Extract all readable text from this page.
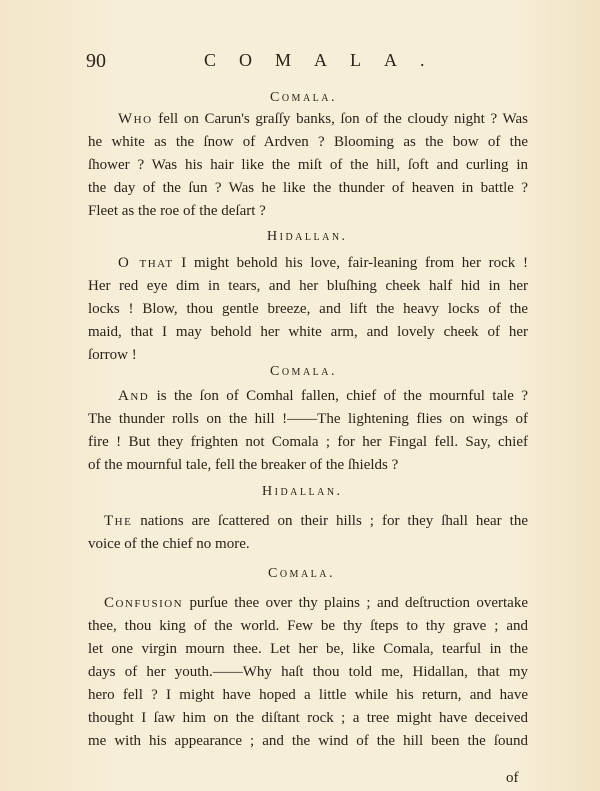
90	COMALA.
Comala.
Who fell on Carun's graſſy banks, ſon of the cloudy night ? Was
he white as the ſnow of Ardven ? Blooming as the bow of the
ſhower ? Was his hair like the miſt of the hill, ſoft and curling in
the day of the ſun ? Was he like the thunder of heaven in battle ?
Fleet as the roe of the deſart ?
Hidallan.
O that I might behold his love, fair-leaning from her rock !
Her red eye dim in tears, and her bluſhing cheek half hid in her
locks ! Blow, thou gentle breeze, and lift the heavy locks of the
maid, that I may behold her white arm, and lovely cheek of her
ſorrow !
Comala.
And is the ſon of Comhal fallen, chief of the mournful tale ?
The thunder rolls on the hill !——The lightening flies on wings of
fire ! But they frighten not Comala ; for her Fingal fell. Say, chief
of the mournful tale, fell the breaker of the ſhields ?
Hidallan.
The nations are ſcattered on their hills ; for they ſhall hear the
voice of the chief no more.
Comala.
Confusion purſue thee over thy plains ; and deſtruction overtake
thee, thou king of the world. Few be thy ſteps to thy grave ; and
let one virgin mourn thee. Let her be, like Comala, tearful in the
days of her youth.——Why haſt thou told me, Hidallan, that my
hero fell ? I might have hoped a little while his return, and have
thought I ſaw him on the diſtant rock ; a tree might have deceived
me with his appearance ; and the wind of the hill been the ſound
of
